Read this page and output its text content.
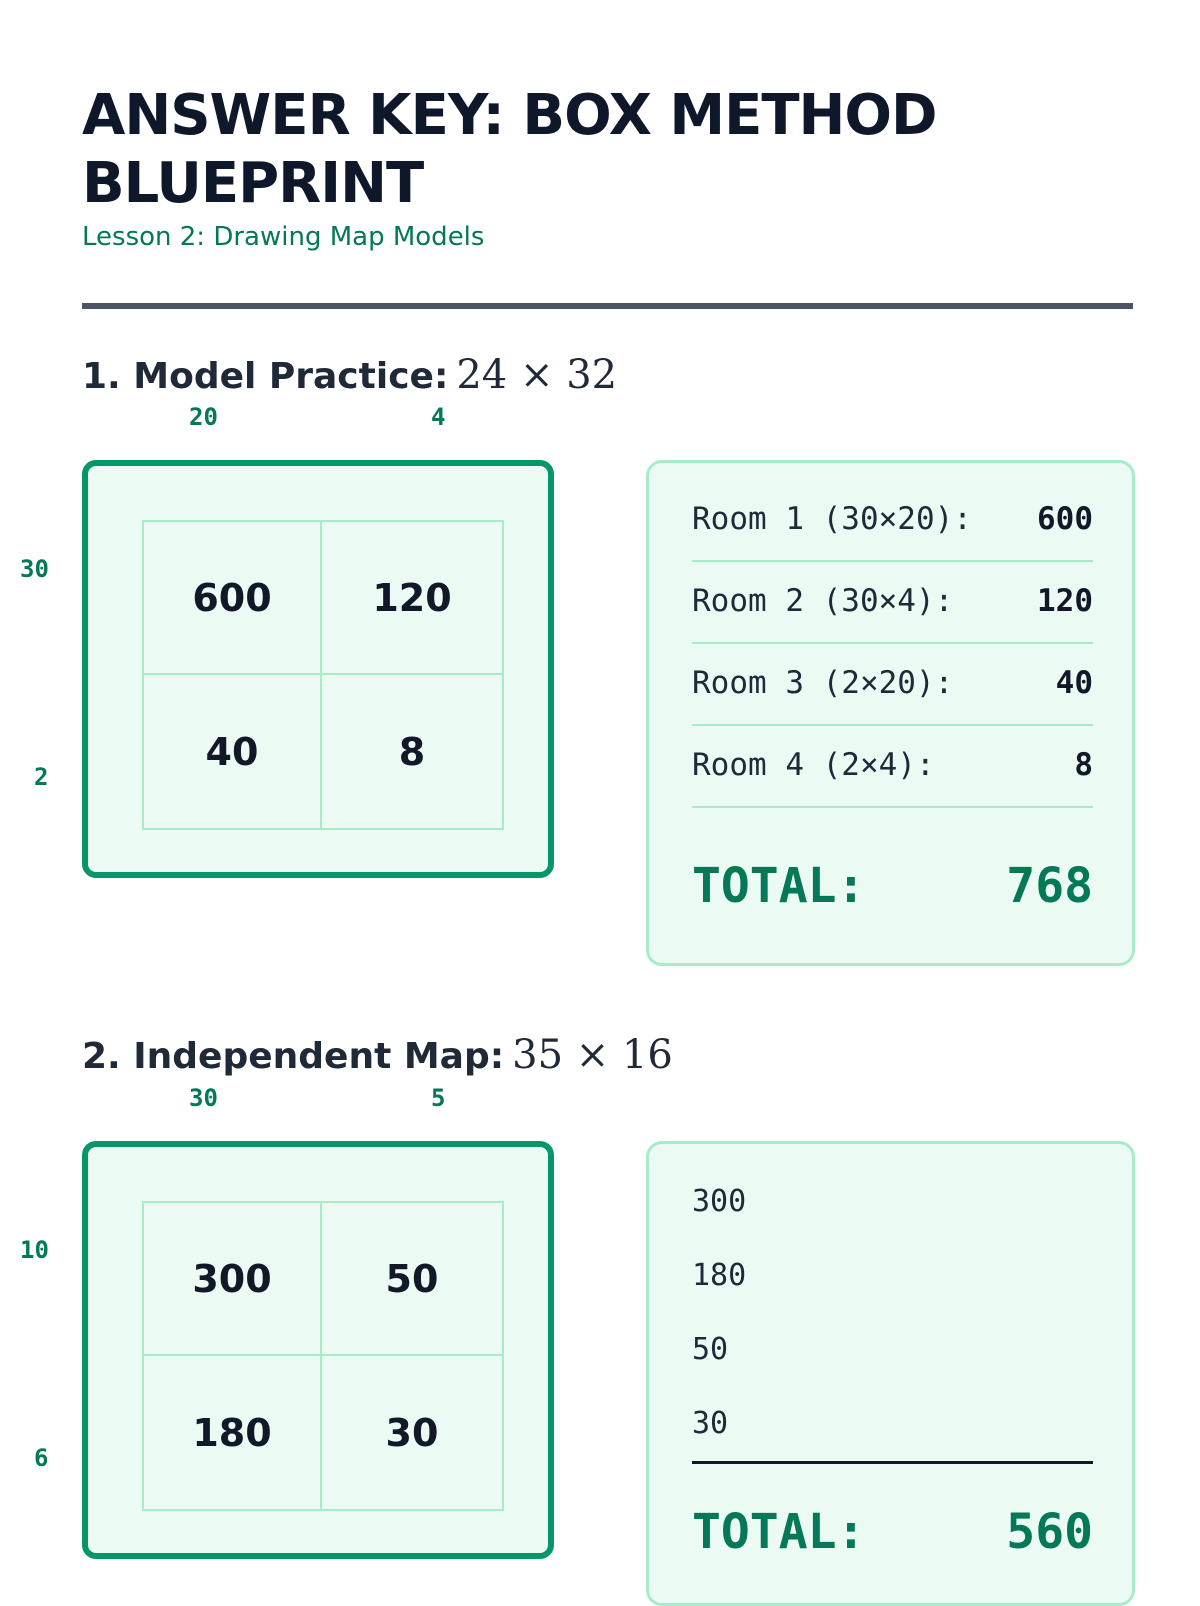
ANSWER KEY: BOX METHOD BLUEPRINT
Lesson 2: Drawing Map Models
1. Model Practice: 24 × 32
20	4
30
2
600	120
40	8
Room 1 (30×20): 600
Room 2 (30×4):	120
Room 3 (2×20):	40
Room 4 (2×4):	8
TOTAL:	768
2. Independent Map: 35 × 16
30	5
10
6
300	50
180	30
300
180
50
30
TOTAL:	560
